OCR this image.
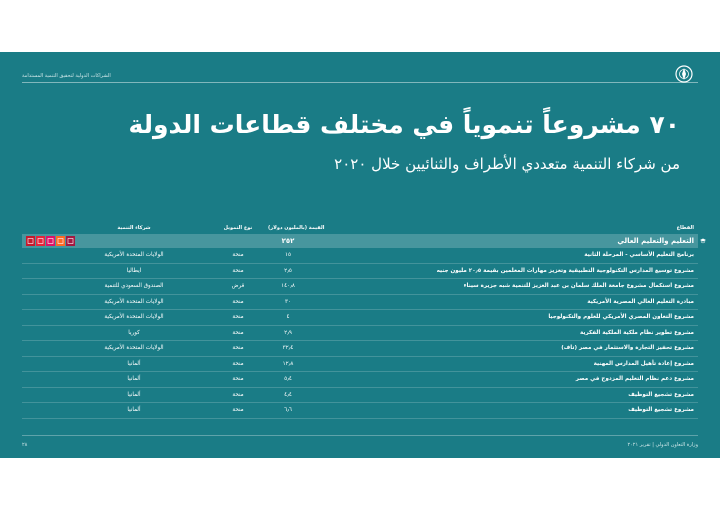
الشراكات الدولية لتحقيق التنمية المستدامة
٧٠ مشروعاً تنموياً في مختلف قطاعات الدولة
من شركاء التنمية متعددي الأطراف والثنائيين خلال ٢٠٢٠
القطاع
القيمة (بالمليون دولار)
نوع التمويل
شركاء التنمية
التعليم والتعليم العالي
٢٥٢
برنامج التعليم الأساسي - المرحلة الثانية
١٥
منحة
الولايات المتحدة الأمريكية
مشروع توسيع المدارس التكنولوجية التطبيقية وتعزيز مهارات المعلمين بقيمة ٢٠٫٥ مليون جنيه
٢٫٥
منحة
ايطاليا
مشروع استكمال مشروع جامعة الملك سلمان بن عبد العزيز للتنمية شبه جزيرة سيناء
١٤٠٫٨
قرض
الصندوق السعودي للتنمية
مبادرة التعليم العالي المصرية الأمريكية
٣٠
منحة
الولايات المتحدة الأمريكية
مشروع التعاون المصري الأمريكي للعلوم والتكنولوجيا
٤
منحة
الولايات المتحدة الأمريكية
مشروع تطوير نظام ملكية الملكية الفكرية
٢٫٩
منحة
كوريا
مشروع تحفيز التجارة والاستثمار في مصر (تاف)
٣٢٫٤
منحة
الولايات المتحدة الأمريكية
مشروع إعادة تأهيل المدارس المهنية
١٢٫٨
منحة
ألمانيا
مشروع دعم نظام التعليم المزدوج في مصر
٥٫٤
منحة
ألمانيا
مشروع تشجيع التوظيف
٤٫٤
منحة
ألمانيا
مشروع تشجيع التوظيف
٦٫٦
منحة
ألمانيا
وزارة التعاون الدولي | تقرير ٢٠٢١
٢٨
